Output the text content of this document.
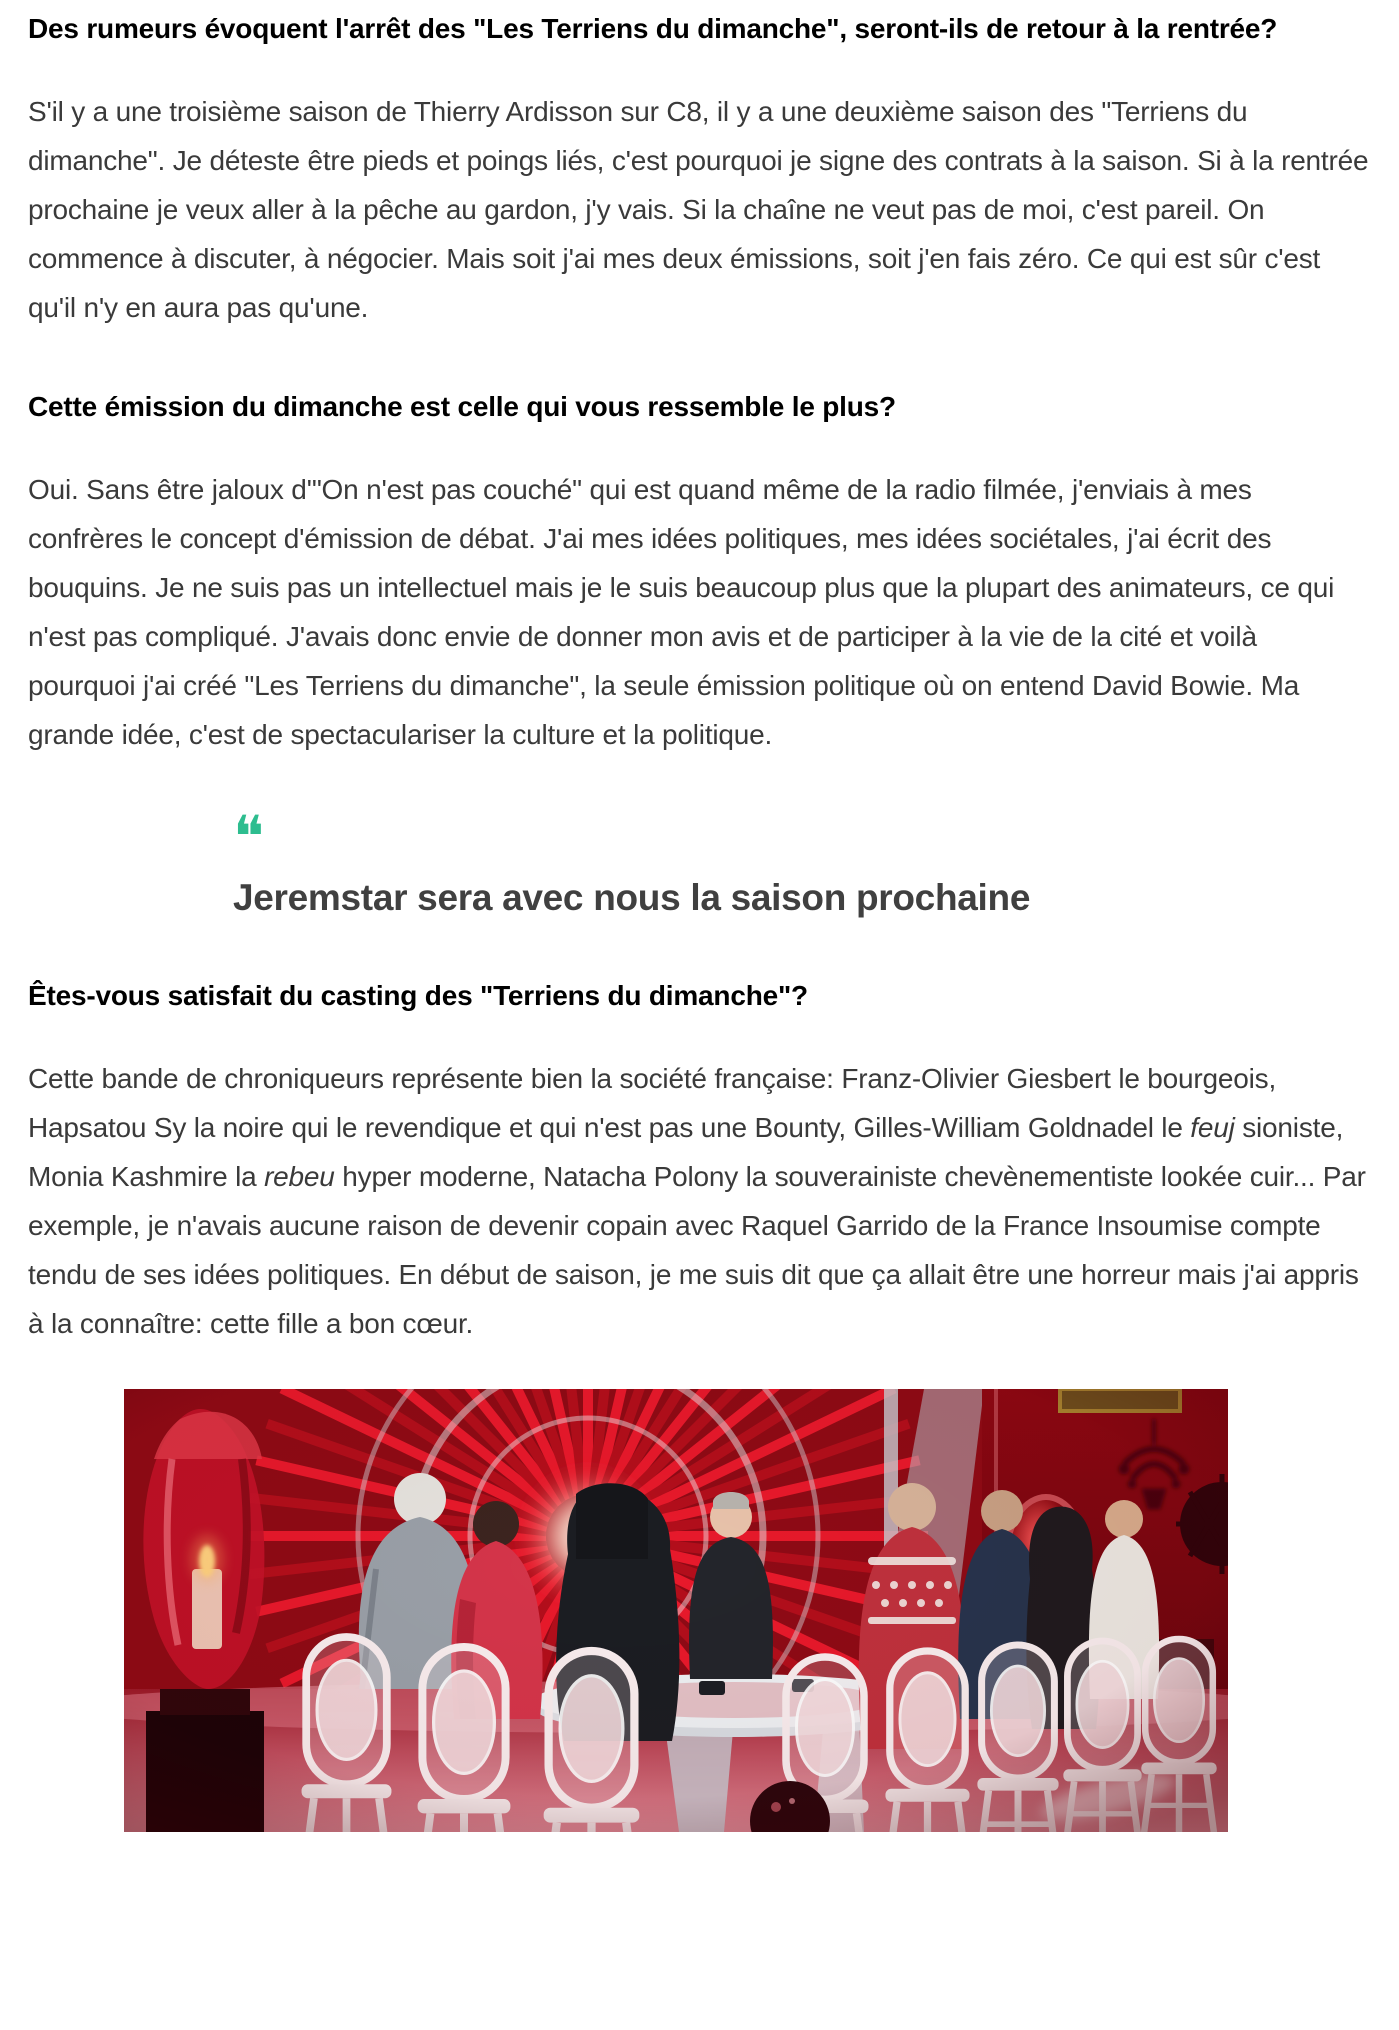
Des rumeurs évoquent l'arrêt des "Les Terriens du dimanche", seront-ils de retour à la rentrée?

S'il y a une troisième saison de Thierry Ardisson sur C8, il y a une deuxième saison des "Terriens du dimanche". Je déteste être pieds et poings liés, c'est pourquoi je signe des contrats à la saison. Si à la rentrée prochaine je veux aller à la pêche au gardon, j'y vais. Si la chaîne ne veut pas de moi, c'est pareil. On commence à discuter, à négocier. Mais soit j'ai mes deux émissions, soit j'en fais zéro. Ce qui est sûr c'est qu'il n'y en aura pas qu'une.

Cette émission du dimanche est celle qui vous ressemble le plus?

Oui. Sans être jaloux d'"On n'est pas couché" qui est quand même de la radio filmée, j'enviais à mes confrères le concept d'émission de débat. J'ai mes idées politiques, mes idées sociétales, j'ai écrit des bouquins. Je ne suis pas un intellectuel mais je le suis beaucoup plus que la plupart des animateurs, ce qui n'est pas compliqué. J'avais donc envie de donner mon avis et de participer à la vie de la cité et voilà pourquoi j'ai créé "Les Terriens du dimanche", la seule émission politique où on entend David Bowie. Ma grande idée, c'est de spectaculariser la culture et la politique.

❝
Jeremstar sera avec nous la saison prochaine
Êtes-vous satisfait du casting des "Terriens du dimanche"?

Cette bande de chroniqueurs représente bien la société française: Franz-Olivier Giesbert le bourgeois, Hapsatou Sy la noire qui le revendique et qui n'est pas une Bounty, Gilles-William Goldnadel le feuj sioniste, Monia Kashmire la rebeu hyper moderne, Natacha Polony la souverainiste chevènementiste lookée cuir... Par exemple, je n'avais aucune raison de devenir copain avec Raquel Garrido de la France Insoumise compte tendu de ses idées politiques. En début de saison, je me suis dit que ça allait être une horreur mais j'ai appris à la connaître: cette fille a bon cœur.
